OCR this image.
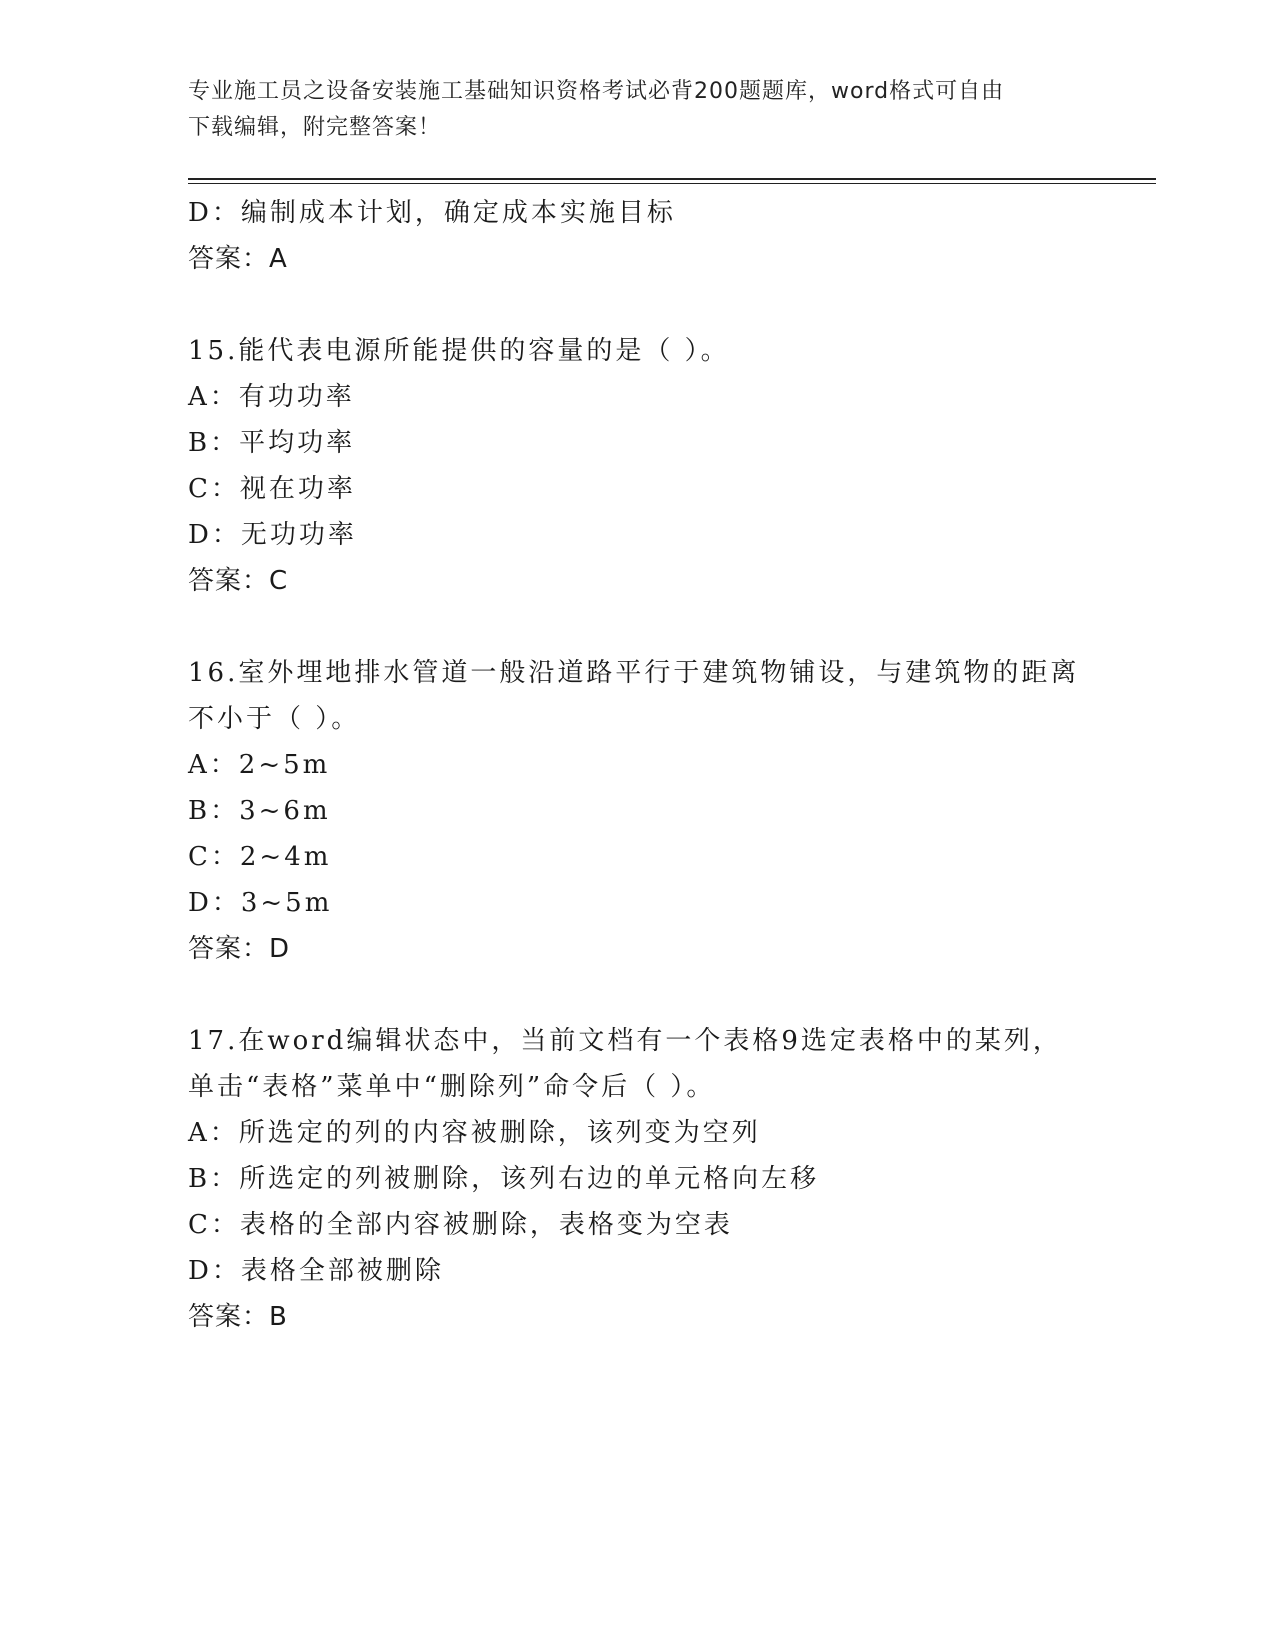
专业施工员之设备安装施工基础知识资格考试必背200题题库，word格式可自由
下载编辑，附完整答案！
D：编制成本计划，确定成本实施目标
答案：A
15.能代表电源所能提供的容量的是（ ）。
A：有功功率
B：平均功率
C：视在功率
D：无功功率
答案：C
16.室外埋地排水管道一般沿道路平行于建筑物铺设，与建筑物的距离
不小于（ ）。
A：2~5m
B：3~6m
C：2~4m
D：3~5m
答案：D
17.在word编辑状态中，当前文档有一个表格9选定表格中的某列，
单击“表格”菜单中“删除列”命令后（ ）。
A：所选定的列的内容被删除，该列变为空列
B：所选定的列被删除，该列右边的单元格向左移
C：表格的全部内容被删除，表格变为空表
D：表格全部被删除
答案：B
